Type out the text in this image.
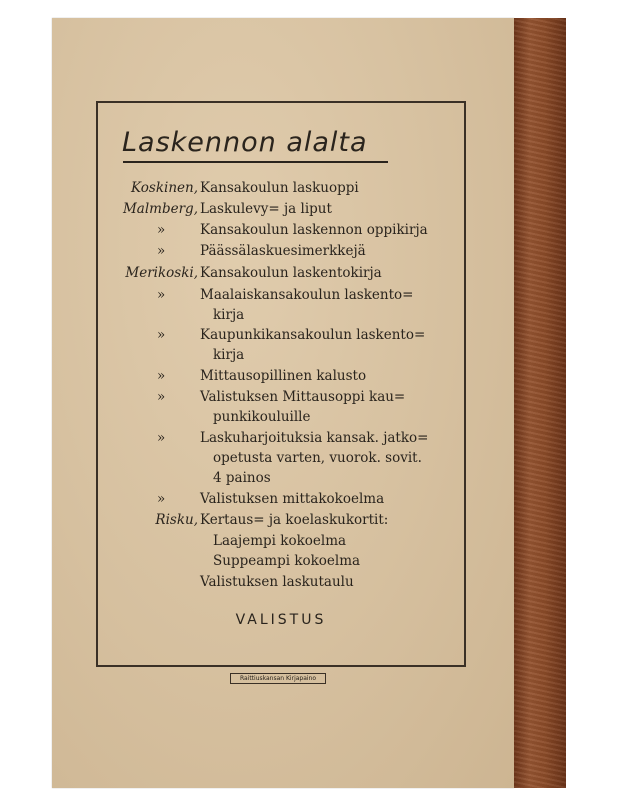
Laskennon alalta
Koskinen, Kansakoulun laskuoppi
Malmberg, Laskulevy= ja liput
»	Kansakoulun laskennon oppikirja
»	Päässälaskuesimerkkejä
Merikoski, Kansakoulun laskentokirja
»	Maalaiskansakoulun laskento=
kirja
»	Kaupunkikansakoulun laskento=
kirja
»	Mittausopillinen kalusto
»	Valistuksen Mittausoppi kau=
punkikouluille
»	Laskuharjoituksia kansak. jatko=
opetusta varten, vuorok. sovit.
4 painos
»	Valistuksen mittakokoelma
Risku, Kertaus= ja koelaskukortit:
Laajempi kokoelma
Suppeampi kokoelma
Valistuksen laskutaulu
VALISTUS
Raittiuskansan Kirjapaino
